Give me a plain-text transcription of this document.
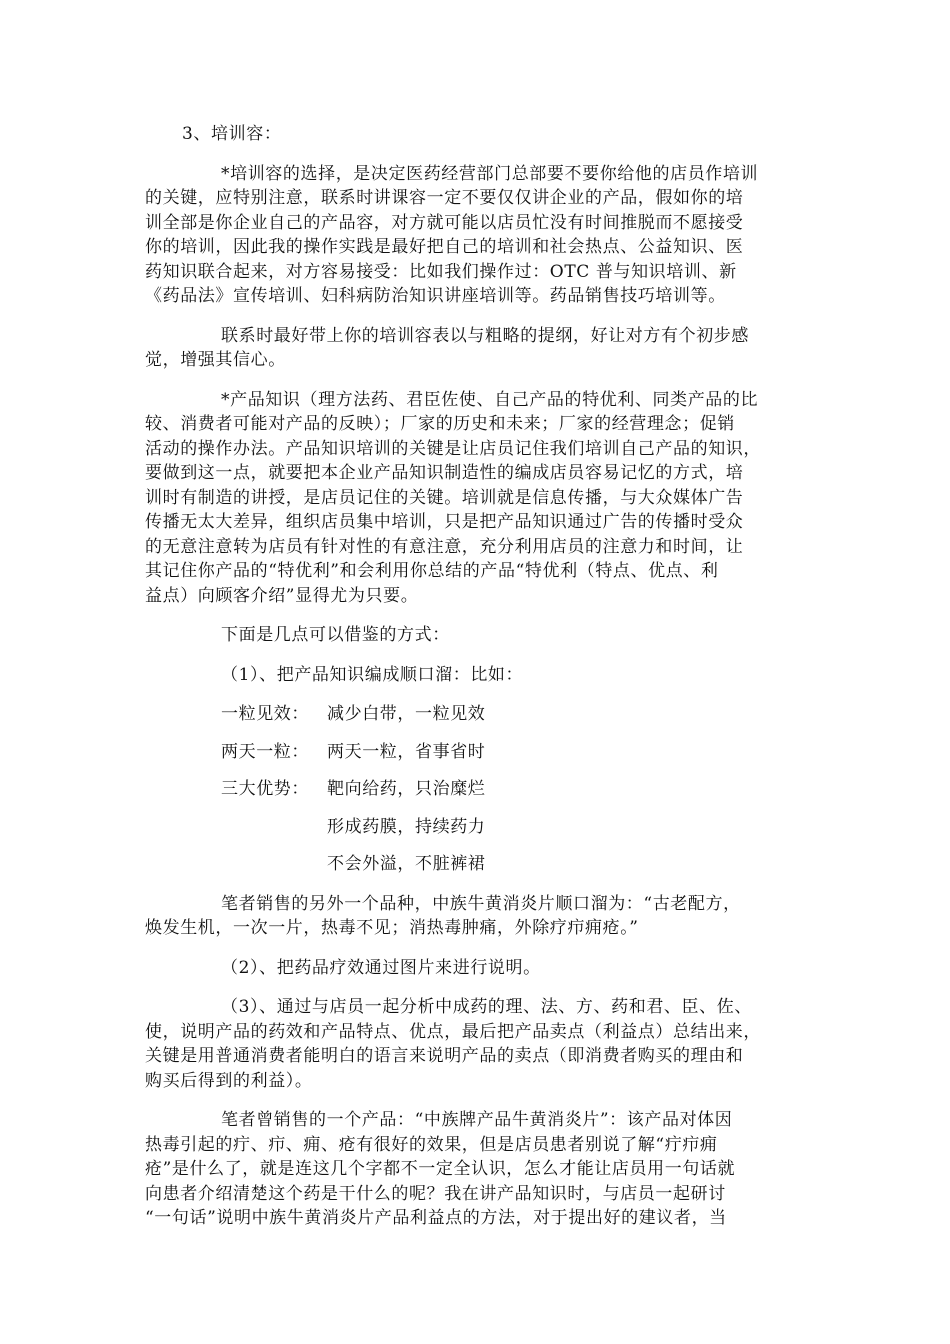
3、培训容：

*培训容的选择，是决定医药经营部门总部要不要你给他的店员作培训

的关键，应特别注意，联系时讲课容一定不要仅仅讲企业的产品，假如你的培

训全部是你企业自己的产品容，对方就可能以店员忙没有时间推脱而不愿接受

你的培训，因此我的操作实践是最好把自己的培训和社会热点、公益知识、医

药知识联合起来，对方容易接受：比如我们操作过：OTC 普与知识培训、新

《药品法》宣传培训、妇科病防治知识讲座培训等。药品销售技巧培训等。

联系时最好带上你的培训容表以与粗略的提纲，好让对方有个初步感

觉，增强其信心。

*产品知识（理方法药、君臣佐使、自己产品的特优利、同类产品的比

较、消费者可能对产品的反映）；厂家的历史和未来；厂家的经营理念；促销

活动的操作办法。产品知识培训的关键是让店员记住我们培训自己产品的知识，

要做到这一点，就要把本企业产品知识制造性的编成店员容易记忆的方式，培

训时有制造的讲授，是店员记住的关键。培训就是信息传播，与大众媒体广告

传播无太大差异，组织店员集中培训，只是把产品知识通过广告的传播时受众

的无意注意转为店员有针对性的有意注意，充分利用店员的注意力和时间，让

其记住你产品的“特优利”和会利用你总结的产品“特优利（特点、优点、利

益点）向顾客介绍”显得尤为只要。

下面是几点可以借鉴的方式：

（1）、把产品知识编成顺口溜：比如：

一粒见效： 减少白带，一粒见效
两天一粒： 两天一粒，省事省时
三大优势： 靶向给药，只治糜烂
形成药膜，持续药力
不会外溢，不脏裤裙

笔者销售的另外一个品种，中族牛黄消炎片顺口溜为：“古老配方，

焕发生机，一次一片，热毒不见；消热毒肿痛，外除疗疖痈疮。”

（2）、把药品疗效通过图片来进行说明。

（3）、通过与店员一起分析中成药的理、法、方、药和君、臣、佐、

使，说明产品的药效和产品特点、优点，最后把产品卖点（利益点）总结出来，

关键是用普通消费者能明白的语言来说明产品的卖点（即消费者购买的理由和

购买后得到的利益）。

笔者曾销售的一个产品：“中族牌产品牛黄消炎片”：该产品对体因

热毒引起的疔、疖、痈、疮有很好的效果，但是店员患者别说了解“疔疖痈

疮”是什么了，就是连这几个字都不一定全认识，怎么才能让店员用一句话就

向患者介绍清楚这个药是干什么的呢？我在讲产品知识时，与店员一起研讨

“一句话”说明中族牛黄消炎片产品利益点的方法，对于提出好的建议者，当
